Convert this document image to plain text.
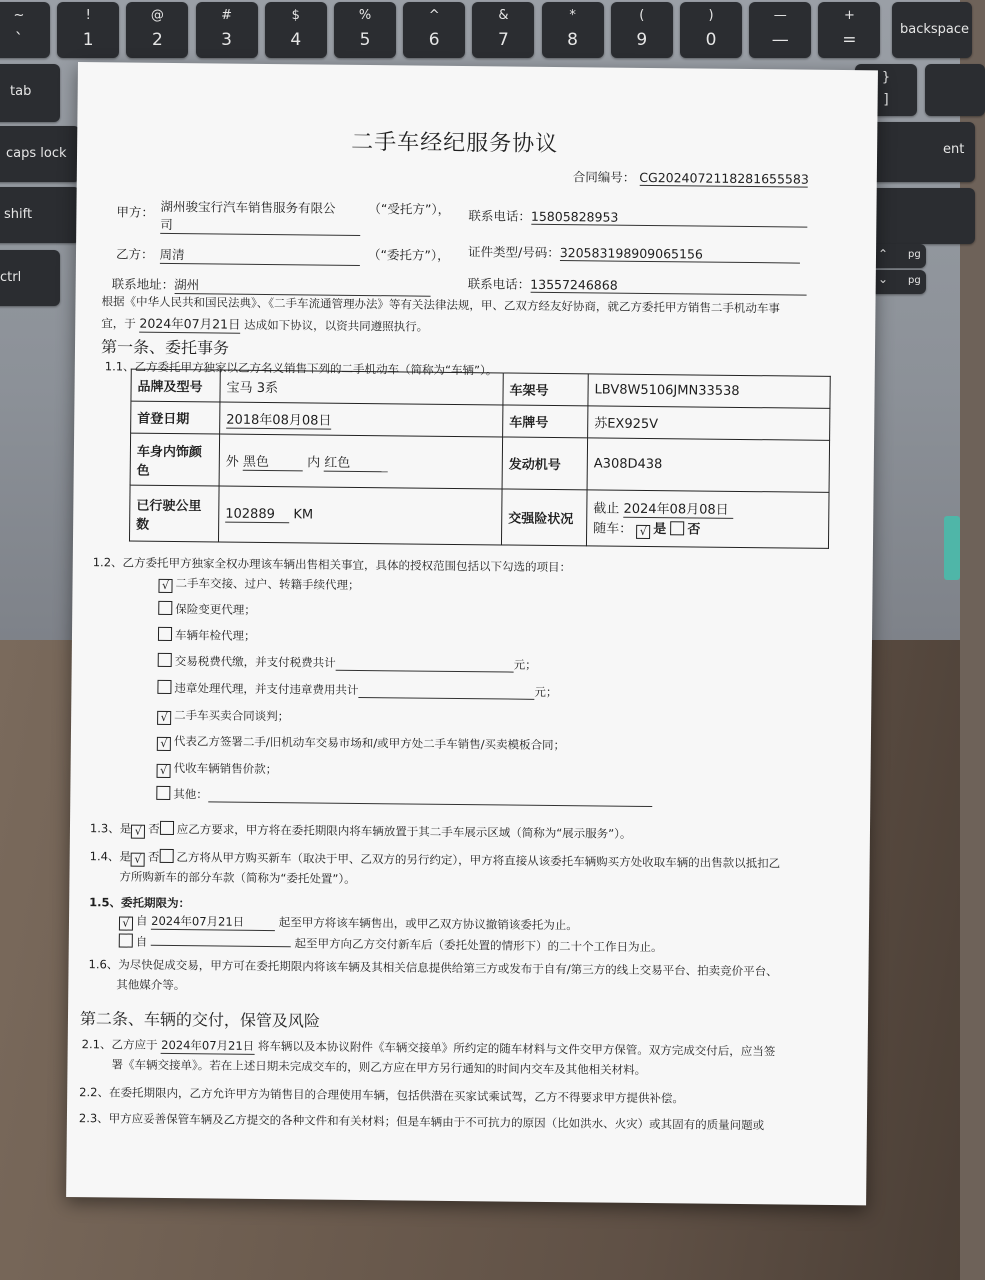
~
`
!
1
@
2
#
3
$
4
%
5
^
6
&
7
*
8
(
9
)
0
—
—
+
=
backspace
tab
caps lock
shift
ctrl
}
]
ent
⌃ pg
⌄ pg
二手车经纪服务协议
合同编号： CG2024072118281655583
甲方： 湖州骏宝行汽车销售服务有限公
司
（“受托方”）， 联系电话：15805828953
乙方： 周清	（“委托方”）， 证件类型/号码：320583198909065156
联系地址：湖州	联系电话：13557246868
根据《中华人民共和国民法典》、《二手车流通管理办法》等有关法律法规，甲、乙双方经友好协商，就乙方委托甲方销售二手机动车事
宜，于 2024年07月21日 达成如下协议，以资共同遵照执行。
第一条、委托事务
1.1、乙方委托甲方独家以乙方名义销售下列的二手机动车（简称为“车辆”）。
品牌及型号	宝马 3系	车架号	LBV8W5106JMN33538
首登日期	2018年08月08日	车牌号	苏EX925V
车身内饰颜色	外 黑色 内 红色	发动机号	A308D438
已行驶公里数	102889 KM	交强险状况	截止 2024年08月08日
随车： √ 是 否
1.2、乙方委托甲方独家全权办理该车辆出售相关事宜，具体的授权范围包括以下勾选的项目：
√ 二手车交接、过户、转籍手续代理；
保险变更代理；
车辆年检代理；
交易税费代缴，并支付税费共计	元；
违章处理代理，并支付违章费用共计	元；
√ 二手车买卖合同谈判；
√ 代表乙方签署二手/旧机动车交易市场和/或甲方处二手车销售/买卖模板合同；
√ 代收车辆销售价款；
其他：
1.3、是 √ 否 应乙方要求，甲方将在委托期限内将车辆放置于其二手车展示区域（简称为“展示服务”）。
1.4、是 √ 否 乙方将从甲方购买新车（取决于甲、乙双方的另行约定），甲方将直接从该委托车辆购买方处收取车辆的出售款以抵扣乙
方所购新车的部分车款（简称为“委托处置”）。
1.5、委托期限为：
√ 自 2024年07月21日	起至甲方将该车辆售出，或甲乙双方协议撤销该委托为止。
自	起至甲方向乙方交付新车后（委托处置的情形下）的二十个工作日为止。
1.6、为尽快促成交易，甲方可在委托期限内将该车辆及其相关信息提供给第三方或发布于自有/第三方的线上交易平台、拍卖竞价平台、
其他媒介等。
第二条、车辆的交付，保管及风险
2.1、乙方应于 2024年07月21日 将车辆以及本协议附件《车辆交接单》所约定的随车材料与文件交甲方保管。双方完成交付后，应当签
署《车辆交接单》。若在上述日期未完成交车的，则乙方应在甲方另行通知的时间内交车及其他相关材料。
2.2、在委托期限内，乙方允许甲方为销售目的合理使用车辆，包括供潜在买家试乘试驾，乙方不得要求甲方提供补偿。
2.3、甲方应妥善保管车辆及乙方提交的各种文件和有关材料；但是车辆由于不可抗力的原因（比如洪水、火灾）或其固有的质量问题或
